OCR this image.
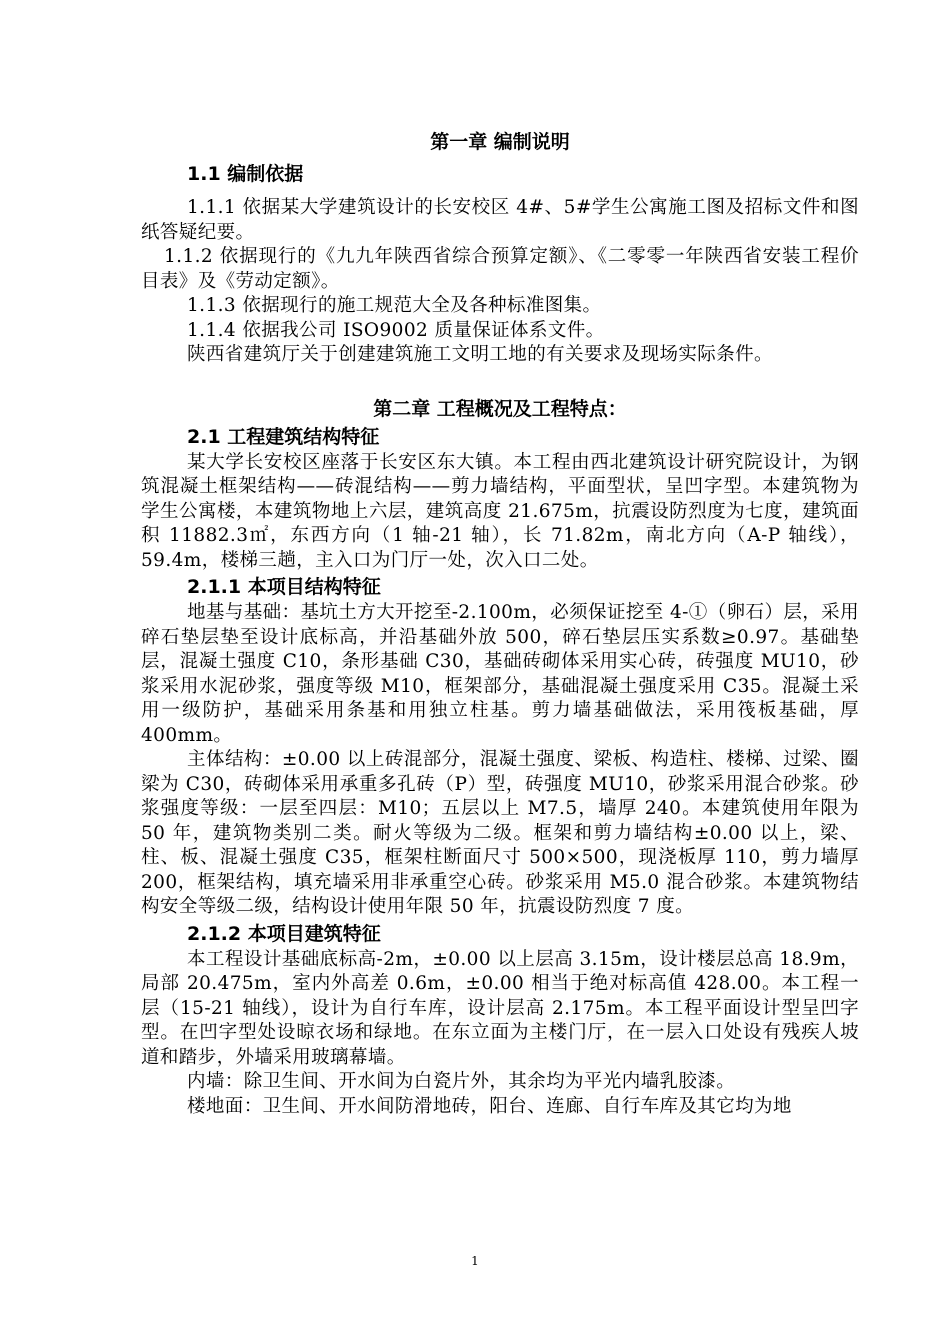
第一章 编制说明

1.1 编制依据

1.1.1 依据某大学建筑设计的长安校区 4#、5#学生公寓施工图及招标文件和图纸答疑纪要。

1.1.2 依据现行的《九九年陕西省综合预算定额》、《二零零一年陕西省安装工程价目表》及《劳动定额》。

1.1.3 依据现行的施工规范大全及各种标准图集。

1.1.4 依据我公司 ISO9002 质量保证体系文件。

陕西省建筑厅关于创建建筑施工文明工地的有关要求及现场实际条件。

第二章 工程概况及工程特点：

2.1 工程建筑结构特征

某大学长安校区座落于长安区东大镇。本工程由西北建筑设计研究院设计，为钢筑混凝土框架结构——砖混结构——剪力墙结构，平面型状，呈凹字型。本建筑物为学生公寓楼，本建筑物地上六层，建筑高度 21.675m，抗震设防烈度为七度，建筑面积 11882.3㎡，东西方向（1 轴-21 轴），长 71.82m，南北方向（A-P 轴线），59.4m，楼梯三趟，主入口为门厅一处，次入口二处。

2.1.1 本项目结构特征

地基与基础：基坑土方大开挖至-2.100m，必须保证挖至 4-①（卵石）层，采用碎石垫层垫至设计底标高，并沿基础外放 500，碎石垫层压实系数≥0.97。基础垫层，混凝土强度 C10，条形基础 C30，基础砖砌体采用实心砖，砖强度 MU10，砂浆采用水泥砂浆，强度等级 M10，框架部分，基础混凝土强度采用 C35。混凝土采用一级防护，基础采用条基和用独立柱基。剪力墙基础做法，采用筏板基础，厚 400mm。

主体结构：±0.00 以上砖混部分，混凝土强度、梁板、构造柱、楼梯、过梁、圈梁为 C30，砖砌体采用承重多孔砖（P）型，砖强度 MU10，砂浆采用混合砂浆。砂浆强度等级：一层至四层：M10；五层以上 M7.5，墙厚 240。本建筑使用年限为 50 年，建筑物类别二类。耐火等级为二级。框架和剪力墙结构±0.00 以上，梁、柱、板、混凝土强度 C35，框架柱断面尺寸 500×500，现浇板厚 110，剪力墙厚 200，框架结构，填充墙采用非承重空心砖。砂浆采用 M5.0 混合砂浆。本建筑物结构安全等级二级，结构设计使用年限 50 年，抗震设防烈度 7 度。

2.1.2 本项目建筑特征

本工程设计基础底标高-2m，±0.00 以上层高 3.15m，设计楼层总高 18.9m，局部 20.475m，室内外高差 0.6m，±0.00 相当于绝对标高值 428.00。本工程一层（15-21 轴线），设计为自行车库，设计层高 2.175m。本工程平面设计型呈凹字型。在凹字型处设晾衣场和绿地。在东立面为主楼门厅，在一层入口处设有残疾人坡道和踏步，外墙采用玻璃幕墙。

内墙：除卫生间、开水间为白瓷片外，其余均为平光内墙乳胶漆。

楼地面：卫生间、开水间防滑地砖，阳台、连廊、自行车库及其它均为地

1
